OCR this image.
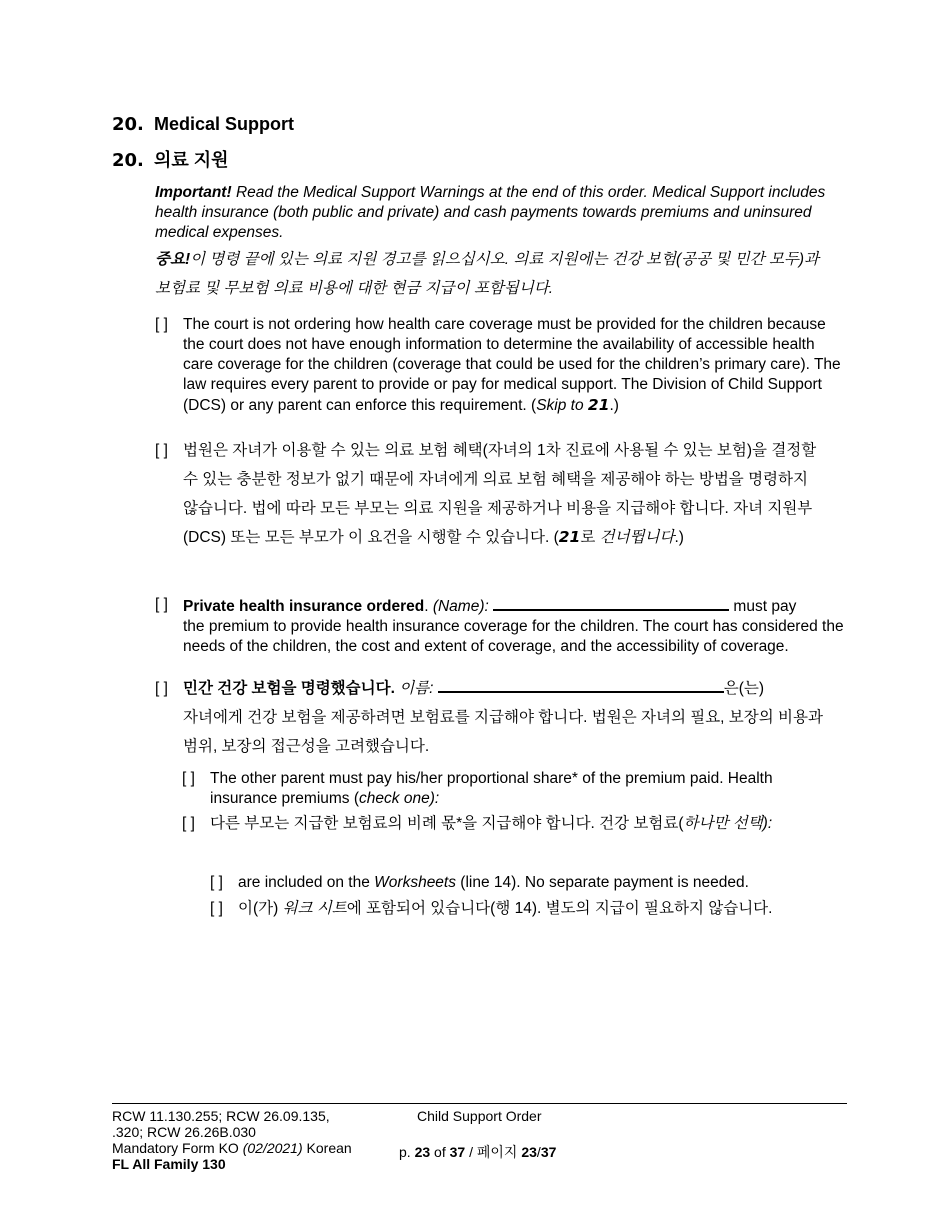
20. Medical Support
20. 의료 지원

Important! Read the Medical Support Warnings at the end of this order. Medical Support includes health insurance (both public and private) and cash payments towards premiums and uninsured medical expenses.

중요!이 명령 끝에 있는 의료 지원 경고를 읽으십시오. 의료 지원에는 건강 보험(공공 및 민간 모두)과 보험료 및 무보험 의료 비용에 대한 현금 지급이 포함됩니다.

[ ] The court is not ordering how health care coverage must be provided for the children because the court does not have enough information to determine the availability of accessible health care coverage for the children (coverage that could be used for the children’s primary care). The law requires every parent to provide or pay for medical support. The Division of Child Support (DCS) or any parent can enforce this requirement. (Skip to 21.)

[ ] 법원은 자녀가 이용할 수 있는 의료 보험 혜택(자녀의 1차 진료에 사용될 수 있는 보험)을 결정할 수 있는 충분한 정보가 없기 때문에 자녀에게 의료 보험 혜택을 제공해야 하는 방법을 명령하지 않습니다. 법에 따라 모든 부모는 의료 지원을 제공하거나 비용을 지급해야 합니다. 자녀 지원부(DCS) 또는 모든 부모가 이 요건을 시행할 수 있습니다. (21로 건너뜁니다.)

[ ] Private health insurance ordered. (Name):	must pay
the premium to provide health insurance coverage for the children. The court has considered the needs of the children, the cost and extent of coverage, and the accessibility of coverage.

[ ] 민간 건강 보험을 명령했습니다. 이름:	은(는)
자녀에게 건강 보험을 제공하려면 보험료를 지급해야 합니다. 법원은 자녀의 필요, 보장의 비용과 범위, 보장의 접근성을 고려했습니다.

[ ] The other parent must pay his/her proportional share* of the premium paid. Health insurance premiums (check one):

[ ] 다른 부모는 지급한 보험료의 비례 몫*을 지급해야 합니다. 건강 보험료(하나만 선택):

[ ] are included on the Worksheets (line 14). No separate payment is needed.

[ ] 이(가) 워크 시트에 포함되어 있습니다(행 14). 별도의 지급이 필요하지 않습니다.

RCW 11.130.255; RCW 26.09.135,
.320; RCW 26.26B.030
Mandatory Form KO (02/2021) Korean
FL All Family 130
Child Support Order
p. 23 of 37 / 페이지 23/37
